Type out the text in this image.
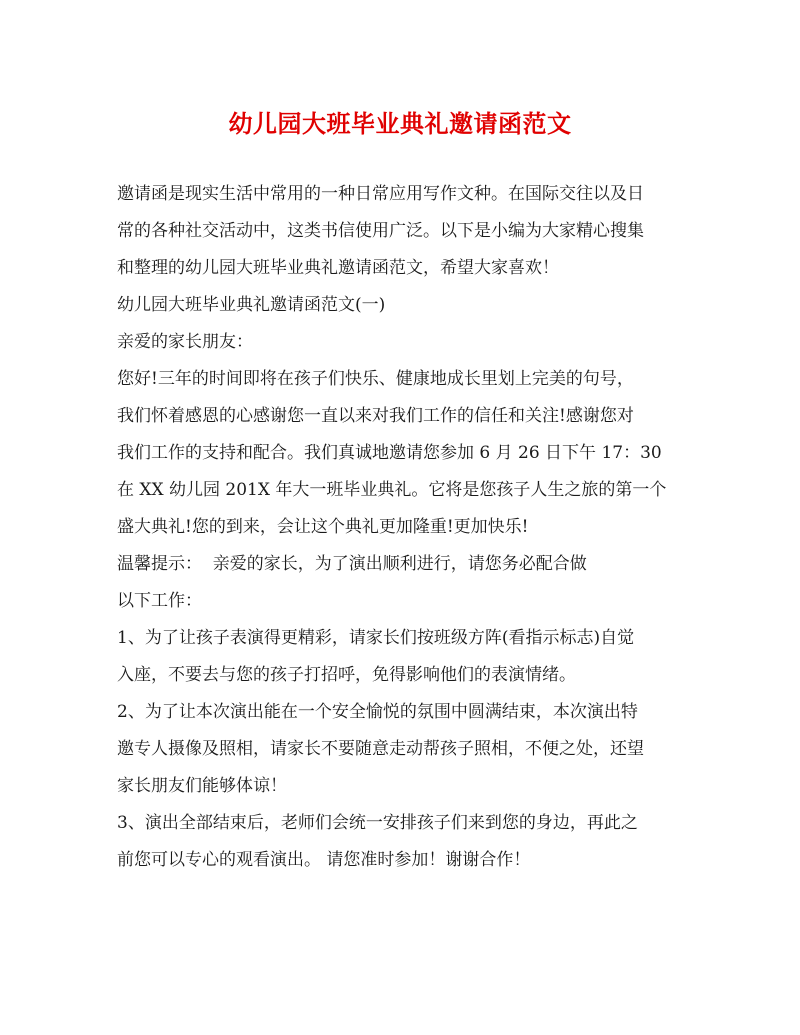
幼儿园大班毕业典礼邀请函范文

邀请函是现实生活中常用的一种日常应用写作文种。在国际交往以及日
常的各种社交活动中，这类书信使用广泛。以下是小编为大家精心搜集
和整理的幼儿园大班毕业典礼邀请函范文，希望大家喜欢！

幼儿园大班毕业典礼邀请函范文(一)

亲爱的家长朋友：

您好!三年的时间即将在孩子们快乐、健康地成长里划上完美的句号，
我们怀着感恩的心感谢您一直以来对我们工作的信任和关注!感谢您对
我们工作的支持和配合。我们真诚地邀请您参加 6 月 26 日下午 17：30
在 XX 幼儿园 201X 年大一班毕业典礼。它将是您孩子人生之旅的第一个
盛大典礼!您的到来，会让这个典礼更加隆重!更加快乐!

温馨提示：  亲爱的家长，为了演出顺利进行，请您务必配合做
以下工作：

1、为了让孩子表演得更精彩，请家长们按班级方阵(看指示标志)自觉
入座，不要去与您的孩子打招呼，免得影响他们的表演情绪。

2、为了让本次演出能在一个安全愉悦的氛围中圆满结束，本次演出特
邀专人摄像及照相，请家长不要随意走动帮孩子照相，不便之处，还望
家长朋友们能够体谅！

3、演出全部结束后，老师们会统一安排孩子们来到您的身边，再此之
前您可以专心的观看演出。 请您准时参加！谢谢合作！
